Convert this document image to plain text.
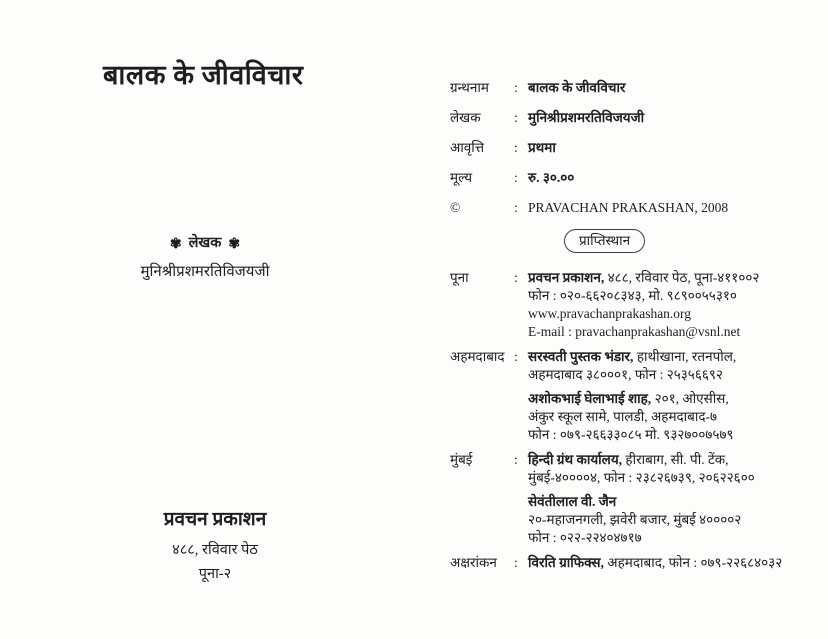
बालक के जीवविचार
✾ लेखक ✾
मुनिश्रीप्रशमरतिविजयजी
प्रवचन प्रकाशन
४८८, रविवार पेठ
पूना-२
ग्रन्थनाम	: बालक के जीवविचार
लेखक	: मुनिश्रीप्रशमरतिविजयजी
आवृत्ति	: प्रथमा
मूल्य	: रु. ३०.००
©	: PRAVACHAN PRAKASHAN, 2008
प्राप्तिस्थान
पूना	: प्रवचन प्रकाशन, ४८८, रविवार पेठ, पूना-४११००२
फोन : ०२०-६६२०८३४३, मो. ९८९००५५३१०
www.pravachanprakashan.org
E-mail : pravachanprakashan@vsnl.net
अहमदाबाद : सरस्वती पुस्तक भंडार, हाथीखाना, रतनपोल,
अहमदाबाद ३८०००१, फोन : २५३५६६९२
अशोकभाई घेलाभाई शाह, २०१, ओएसीस,
अंकुर स्कूल सामे, पालडी, अहमदाबाद-७
फोन : ०७९-२६६३३०८५ मो. ९३२७००७५७९
मुंबई	: हिन्दी ग्रंथ कार्यालय, हीराबाग, सी. पी. टेंक,
मुंबई-४००००४, फोन : २३८२६७३९, २०६२२६००
सेवंतीलाल वी. जैन
२०-महाजनगली, झवेरी बजार, मुंबई ४००००२
फोन : ०२२-२२४०४७१७
अक्षरांकन	: विरति ग्राफिक्स, अहमदाबाद, फोन : ०७९-२२६८४०३२
